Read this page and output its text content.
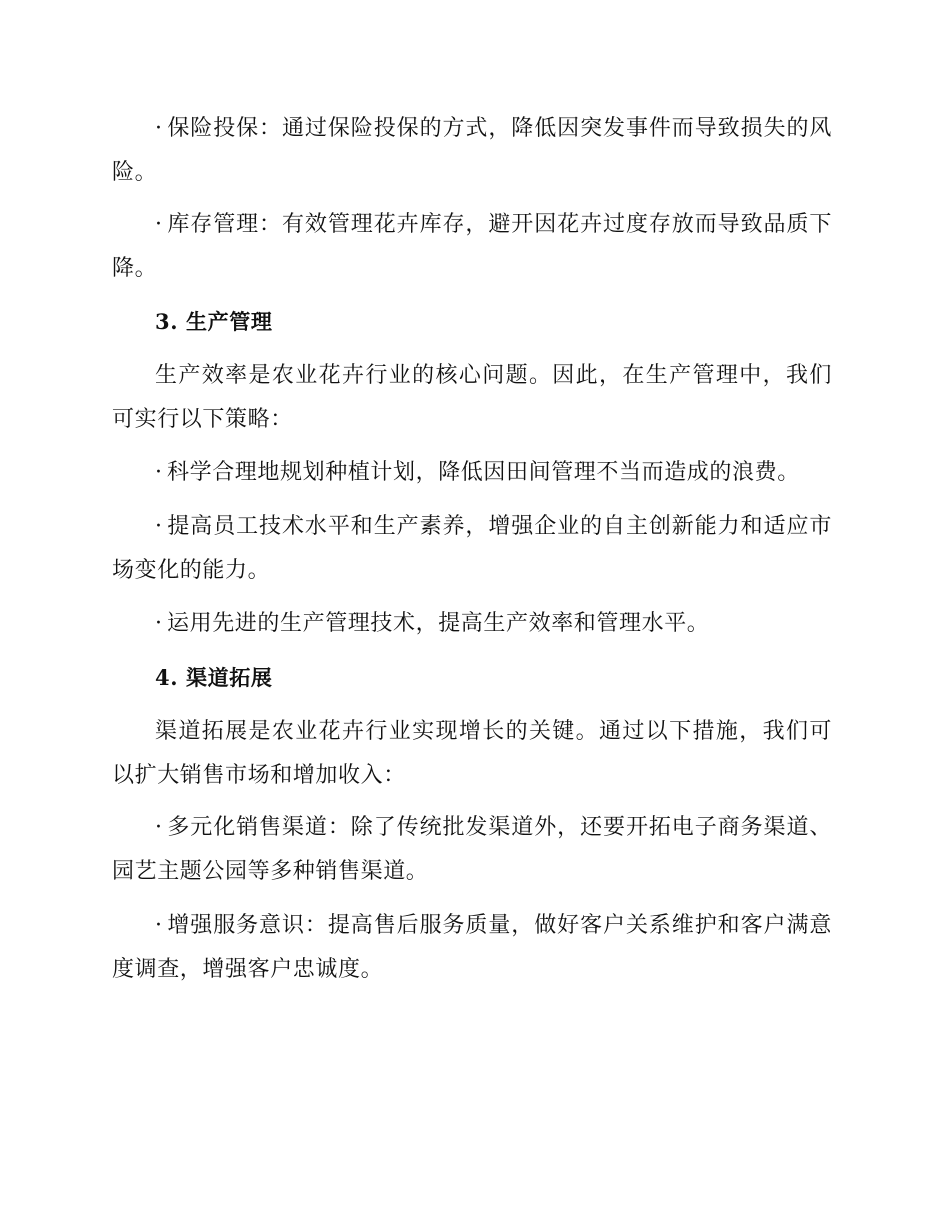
· 保险投保：通过保险投保的方式，降低因突发事件而导致损失的风险。
· 库存管理：有效管理花卉库存，避开因花卉过度存放而导致品质下降。
3. 生产管理
生产效率是农业花卉行业的核心问题。因此，在生产管理中，我们可实行以下策略：
· 科学合理地规划种植计划，降低因田间管理不当而造成的浪费。
· 提高员工技术水平和生产素养，增强企业的自主创新能力和适应市场变化的能力。
· 运用先进的生产管理技术，提高生产效率和管理水平。
4. 渠道拓展
渠道拓展是农业花卉行业实现增长的关键。通过以下措施，我们可以扩大销售市场和增加收入：
· 多元化销售渠道：除了传统批发渠道外，还要开拓电子商务渠道、园艺主题公园等多种销售渠道。
· 增强服务意识：提高售后服务质量，做好客户关系维护和客户满意度调查，增强客户忠诚度。
